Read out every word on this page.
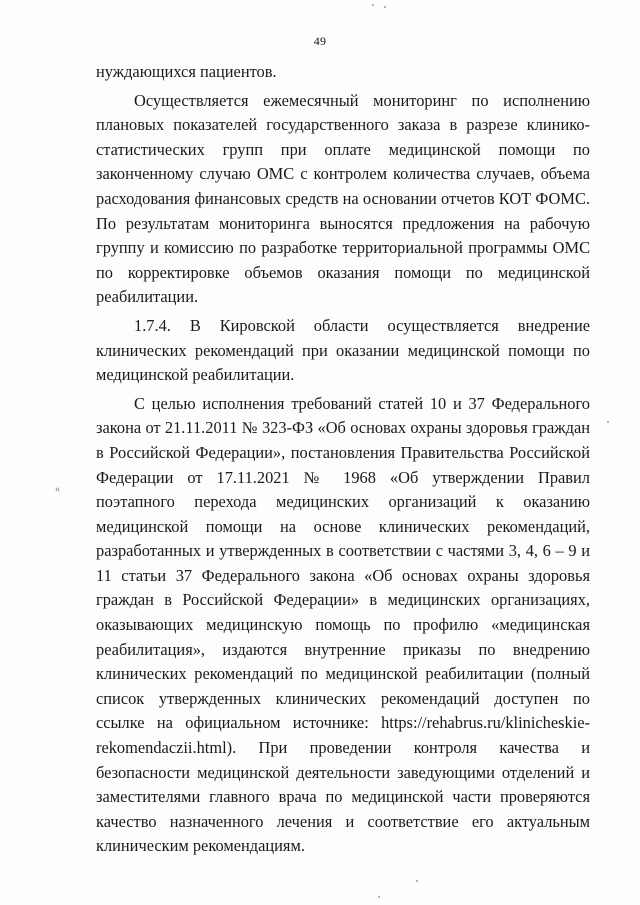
49
«

нуждающихся пациентов.

Осуществляется ежемесячный мониторинг по исполнению плановых показателей государственного заказа в разрезе клинико-статистических групп при оплате медицинской помощи по законченному случаю ОМС с контролем количества случаев, объема расходования финансовых средств на основании отчетов КОТ ФОМС. По результатам мониторинга выносятся предложения на рабочую группу и комиссию по разработке территориальной программы ОМС по корректировке объемов оказания помощи по медицинской реабилитации.

1.7.4. В Кировской области осуществляется внедрение клинических рекомендаций при оказании медицинской помощи по медицинской реабилитации.

С целью исполнения требований статей 10 и 37 Федерального закона от 21.11.2011 № 323-ФЗ «Об основах охраны здоровья граждан в Российской Федерации», постановления Правительства Российской Федерации от 17.11.2021 № 1968 «Об утверждении Правил поэтапного перехода медицинских организаций к оказанию медицинской помощи на основе клинических рекомендаций, разработанных и утвержденных в соответствии с частями 3, 4, 6 – 9 и 11 статьи 37 Федерального закона «Об основах охраны здоровья граждан в Российской Федерации» в медицинских организациях, оказывающих медицинскую помощь по профилю «медицинская реабилитация», издаются внутренние приказы по внедрению клинических рекомендаций по медицинской реабилитации (полный список утвержденных клинических рекомендаций доступен по ссылке на официальном источнике: https://rehabrus.ru/klinicheskie-rekomendaczii.html). При проведении контроля качества и безопасности медицинской деятельности заведующими отделений и заместителями главного врача по медицинской части проверяются качество назначенного лечения и соответствие его актуальным клиническим рекомендациям.
